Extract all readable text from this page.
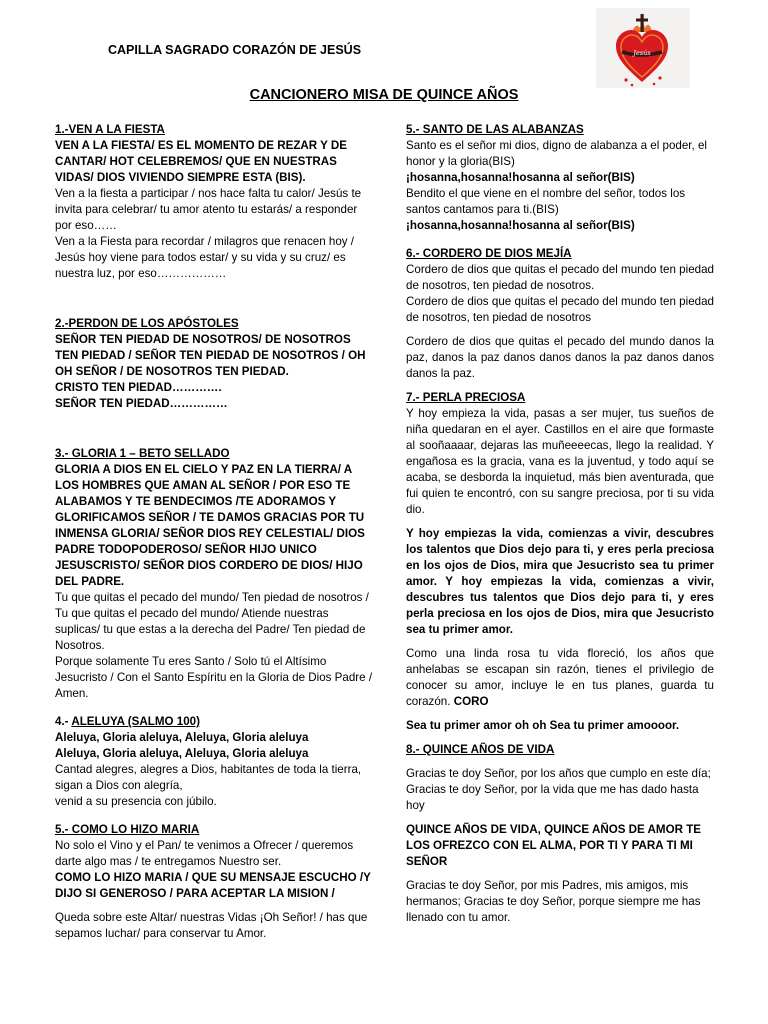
CAPILLA SAGRADO CORAZÓN DE JESÚS	Jesús
CANCIONERO MISA DE QUINCE AÑOS

1.-VEN A LA FIESTA

VEN A LA FIESTA/ ES EL MOMENTO DE REZAR Y DE CANTAR/ HOT CELEBREMOS/ QUE EN NUESTRAS VIDAS/ DIOS VIVIENDO SIEMPRE ESTA (BIS).

Ven a la fiesta a participar / nos hace falta tu calor/ Jesús te invita para celebrar/ tu amor atento tu estarás/ a responder por eso……

Ven a la Fiesta para recordar / milagros que renacen hoy / Jesús hoy viene para todos estar/ y su vida y su cruz/ es nuestra luz, por eso………………

2.-PERDON DE LOS APÓSTOLES

SEÑOR TEN PIEDAD DE NOSOTROS/ DE NOSOTROS TEN PIEDAD / SEÑOR TEN PIEDAD DE NOSOTROS / OH OH SEÑOR / DE NOSOTROS TEN PIEDAD.

CRISTO TEN PIEDAD………….

SEÑOR TEN PIEDAD……………

3.- GLORIA 1 – BETO SELLADO

GLORIA A DIOS EN EL CIELO Y PAZ EN LA TIERRA/ A LOS HOMBRES QUE AMAN AL SEÑOR / POR ESO TE ALABAMOS Y TE BENDECIMOS /TE ADORAMOS Y GLORIFICAMOS SEÑOR / TE DAMOS GRACIAS POR TU INMENSA GLORIA/ SEÑOR DIOS REY CELESTIAL/ DIOS PADRE TODOPODEROSO/ SEÑOR HIJO UNICO JESUSCRISTO/ SEÑOR DIOS CORDERO DE DIOS/ HIJO DEL PADRE.

Tu que quitas el pecado del mundo/ Ten piedad de nosotros / Tu que quitas el pecado del mundo/ Atiende nuestras suplicas/ tu que estas a la derecha del Padre/ Ten piedad de Nosotros.

Porque solamente Tu eres Santo / Solo tú el Altísimo Jesucristo / Con el Santo Espíritu en la Gloria de Dios Padre / Amen.

4.- ALELUYA (SALMO 100)

Aleluya, Gloria aleluya, Aleluya, Gloria aleluya

Aleluya, Gloria aleluya, Aleluya, Gloria aleluya

Cantad alegres, alegres a Dios, habitantes de toda la tierra, sigan a Dios con alegría,

venid a su presencia con júbilo.

5.- COMO LO HIZO MARIA

No solo el Vino y el Pan/ te venimos a Ofrecer / queremos darte algo mas / te entregamos Nuestro ser.

COMO LO HIZO MARIA / QUE SU MENSAJE ESCUCHO /Y DIJO SI GENEROSO / PARA ACEPTAR LA MISION /

Queda sobre este Altar/ nuestras Vidas ¡Oh Señor! / has que sepamos luchar/ para conservar tu Amor.

5.- SANTO DE LAS ALABANZAS

Santo es el señor mi dios, digno de alabanza a el poder, el honor y la gloria(BIS)

¡hosanna,hosanna!hosanna al señor(BIS)

Bendito el que viene en el nombre del señor, todos los santos cantamos para ti.(BIS)

¡hosanna,hosanna!hosanna al señor(BIS)

6.- CORDERO DE DIOS MEJÍA

Cordero de dios que quitas el pecado del mundo ten piedad de nosotros, ten piedad de nosotros.

Cordero de dios que quitas el pecado del mundo ten piedad de nosotros, ten piedad de nosotros

Cordero de dios que quitas el pecado del mundo danos la paz, danos la paz danos danos danos la paz danos danos danos la paz.

7.- PERLA PRECIOSA

Y hoy empieza la vida, pasas a ser mujer, tus sueños de niña quedaran en el ayer. Castillos en el aire que formaste al sooñaaaar, dejaras las muñeeeecas, llego la realidad. Y engañosa es la gracia, vana es la juventud, y todo aquí se acaba, se desborda la inquietud, más bien aventurada, que fui quien te encontró, con su sangre preciosa, por ti su vida dio.

Y hoy empiezas la vida, comienzas a vivir, descubres los talentos que Dios dejo para ti, y eres perla preciosa en los ojos de Dios, mira que Jesucristo sea tu primer amor. Y hoy empiezas la vida, comienzas a vivir, descubres tus talentos que Dios dejo para ti, y eres perla preciosa en los ojos de Dios, mira que Jesucristo sea tu primer amor.

Como una linda rosa tu vida floreció, los años que anhelabas se escapan sin razón, tienes el privilegio de conocer su amor, incluye le en tus planes, guarda tu corazón. CORO

Sea tu primer amor oh oh Sea tu primer amoooor.

8.- QUINCE AÑOS DE VIDA

Gracias te doy Señor, por los años que cumplo en este día; Gracias te doy Señor, por la vida que me has dado hasta hoy

QUINCE AÑOS DE VIDA, QUINCE AÑOS DE AMOR TE LOS OFREZCO CON EL ALMA, POR TI Y PARA TI MI SEÑOR

Gracias te doy Señor, por mis Padres, mis amigos, mis hermanos; Gracias te doy Señor, porque siempre me has llenado con tu amor.
